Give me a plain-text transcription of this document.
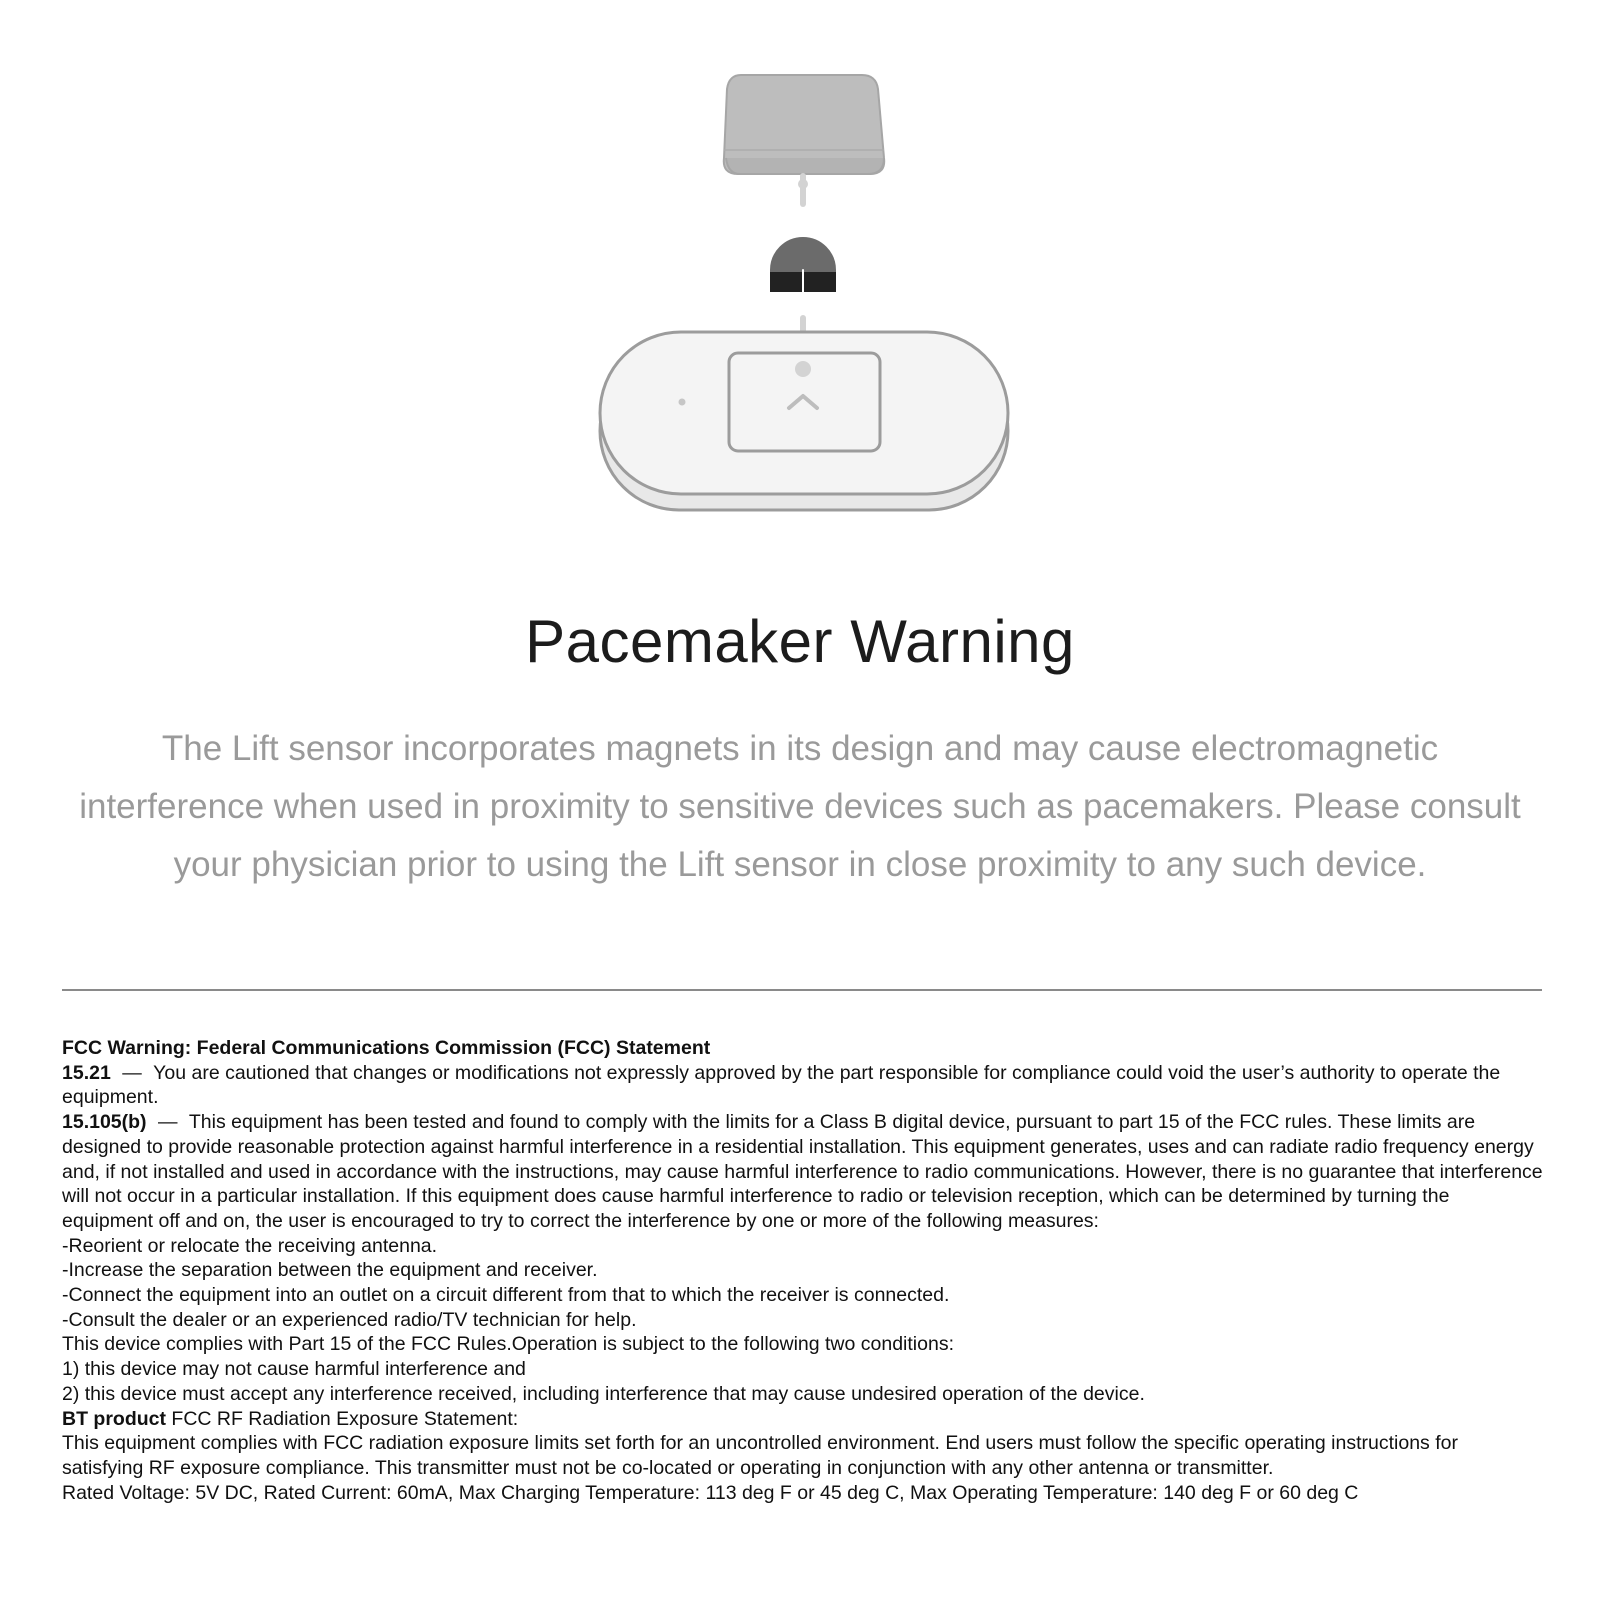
Pacemaker Warning

The Lift sensor incorporates magnets in its design and may cause electromagnetic interference when used in proximity to sensitive devices such as pacemakers. Please consult your physician prior to using the Lift sensor in close proximity to any such device.

FCC Warning: Federal Communications Commission (FCC) Statement

15.21 — You are cautioned that changes or modifications not expressly approved by the part responsible for compliance could void the user’s authority to operate the equipment.

15.105(b) — This equipment has been tested and found to comply with the limits for a Class B digital device, pursuant to part 15 of the FCC rules. These limits are designed to provide reasonable protection against harmful interference in a residential installation. This equipment generates, uses and can radiate radio frequency energy and, if not installed and used in accordance with the instructions, may cause harmful interference to radio communications. However, there is no guarantee that interference will not occur in a particular installation. If this equipment does cause harmful interference to radio or television reception, which can be determined by turning the equipment off and on, the user is encouraged to try to correct the interference by one or more of the following measures:

-Reorient or relocate the receiving antenna.

-Increase the separation between the equipment and receiver.

-Connect the equipment into an outlet on a circuit different from that to which the receiver is connected.

-Consult the dealer or an experienced radio/TV technician for help.

This device complies with Part 15 of the FCC Rules.Operation is subject to the following two conditions:

1) this device may not cause harmful interference and

2) this device must accept any interference received, including interference that may cause undesired operation of the device.

BT product FCC RF Radiation Exposure Statement:

This equipment complies with FCC radiation exposure limits set forth for an uncontrolled environment. End users must follow the specific operating instructions for satisfying RF exposure compliance. This transmitter must not be co-located or operating in conjunction with any other antenna or transmitter.

Rated Voltage: 5V DC, Rated Current: 60mA, Max Charging Temperature: 113 deg F or 45 deg C, Max Operating Temperature: 140 deg F or 60 deg C
